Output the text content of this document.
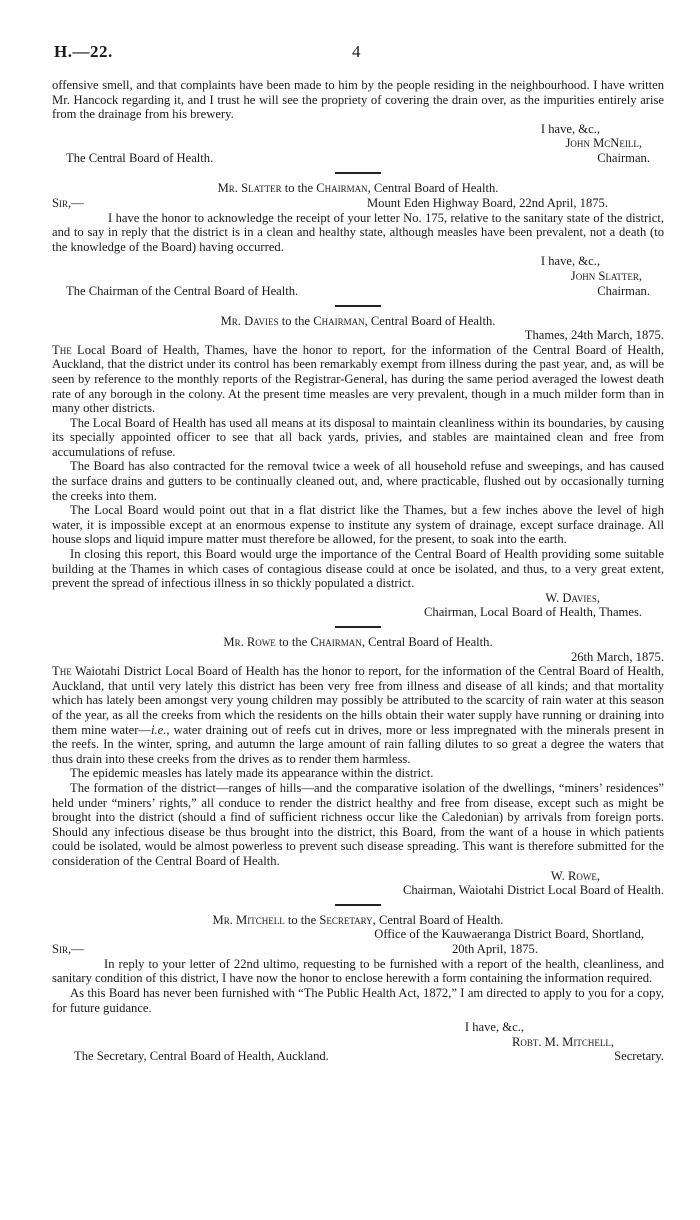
H.—22.	4

offensive smell, and that complaints have been made to him by the people residing in the neighbourhood. I have written Mr. Hancock regarding it, and I trust he will see the propriety of covering the drain over, as the impurities entirely arise from the drainage from his brewery.

I have, &c.,
John McNeill,
The Central Board of Health.	Chairman.
Mr. Slatter to the Chairman, Central Board of Health.
Sir,—	Mount Eden Highway Board, 22nd April, 1875.

I have the honor to acknowledge the receipt of your letter No. 175, relative to the sanitary state of the district, and to say in reply that the district is in a clean and healthy state, although measles have been prevalent, not a death (to the knowledge of the Board) having occurred.

I have, &c.,
John Slatter,
The Chairman of the Central Board of Health.	Chairman.
Mr. Davies to the Chairman, Central Board of Health.
Thames, 24th March, 1875.

The Local Board of Health, Thames, have the honor to report, for the information of the Central Board of Health, Auckland, that the district under its control has been remarkably exempt from illness during the past year, and, as will be seen by reference to the monthly reports of the Registrar-General, has during the same period averaged the lowest death rate of any borough in the colony. At the present time measles are very prevalent, though in a much milder form than in many other districts.

The Local Board of Health has used all means at its disposal to maintain cleanliness within its boundaries, by causing its specially appointed officer to see that all back yards, privies, and stables are maintained clean and free from accumulations of refuse.

The Board has also contracted for the removal twice a week of all household refuse and sweepings, and has caused the surface drains and gutters to be continually cleaned out, and, where practicable, flushed out by occasionally turning the creeks into them.

The Local Board would point out that in a flat district like the Thames, but a few inches above the level of high water, it is impossible except at an enormous expense to institute any system of drainage, except surface drainage. All house slops and liquid impure matter must therefore be allowed, for the present, to soak into the earth.

In closing this report, this Board would urge the importance of the Central Board of Health providing some suitable building at the Thames in which cases of contagious disease could at once be isolated, and thus, to a very great extent, prevent the spread of infectious illness in so thickly populated a district.

W. Davies,
Chairman, Local Board of Health, Thames.
Mr. Rowe to the Chairman, Central Board of Health.
26th March, 1875.

The Waiotahi District Local Board of Health has the honor to report, for the information of the Central Board of Health, Auckland, that until very lately this district has been very free from illness and disease of all kinds; and that mortality which has lately been amongst very young children may possibly be attributed to the scarcity of rain water at this season of the year, as all the creeks from which the residents on the hills obtain their water supply have running or draining into them mine water—i.e., water draining out of reefs cut in drives, more or less impregnated with the minerals present in the reefs. In the winter, spring, and autumn the large amount of rain falling dilutes to so great a degree the waters that thus drain into these creeks from the drives as to render them harmless.

The epidemic measles has lately made its appearance within the district.

The formation of the district—ranges of hills—and the comparative isolation of the dwellings, “miners’ residences” held under “miners’ rights,” all conduce to render the district healthy and free from disease, except such as might be brought into the district (should a find of sufficient richness occur like the Caledonian) by arrivals from foreign ports. Should any infectious disease be thus brought into the district, this Board, from the want of a house in which patients could be isolated, would be almost powerless to prevent such disease spreading. This want is therefore submitted for the consideration of the Central Board of Health.

W. Rowe,
Chairman, Waiotahi District Local Board of Health.
Mr. Mitchell to the Secretary, Central Board of Health.
Office of the Kauwaeranga District Board, Shortland,
Sir,—	20th April, 1875.

In reply to your letter of 22nd ultimo, requesting to be furnished with a report of the health, cleanliness, and sanitary condition of this district, I have now the honor to enclose herewith a form containing the information required.

As this Board has never been furnished with “The Public Health Act, 1872,” I am directed to apply to you for a copy, for future guidance.

I have, &c.,
Robt. M. Mitchell,
The Secretary, Central Board of Health, Auckland.	Secretary.
